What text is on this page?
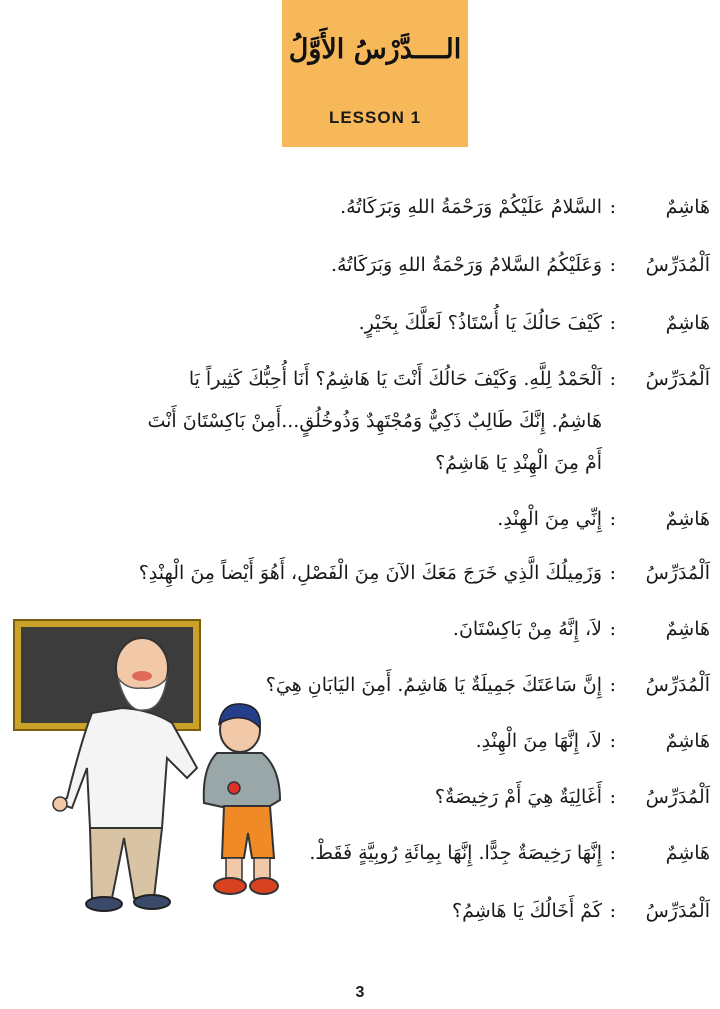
الــــدَّرْسُ الأَوَّلُ
LESSON 1
هَاشِمٌ
:
السَّلامُ عَلَيْكُمْ وَرَحْمَةُ اللهِ وَبَرَكَاتُهُ.
اَلْمُدَرِّسُ
:
وَعَلَيْكُمُ السَّلامُ وَرَحْمَةُ اللهِ وَبَرَكَاتُهُ.
هَاشِمٌ
:
كَيْفَ حَالُكَ يَا أُسْتَاذُ؟ لَعَلَّكَ بِخَيْرٍ.
اَلْمُدَرِّسُ
:
اَلْحَمْدُ لِلَّهِ. وَكَيْفَ حَالُكَ أَنْتَ يَا هَاشِمُ؟ أَنَا أُحِبُّكَ كَثِيراً يَا
هَاشِمُ. إِنَّكَ طَالِبٌ ذَكِيٌّ وَمُجْتَهِدٌ وَذُوخُلُقٍ...أَمِنْ بَاكِسْتَانَ أَنْتَ
أَمْ مِنَ الْهِنْدِ يَا هَاشِمُ؟
هَاشِمٌ
:
إِنِّي مِنَ الْهِنْدِ.
اَلْمُدَرِّسُ
:
وَزَمِيلُكَ الَّذِي خَرَجَ مَعَكَ الآنَ مِنَ الْفَصْلِ، أَهُوَ أَيْضاً مِنَ الْهِنْدِ؟
هَاشِمٌ
:
لاَ، إِنَّهُ مِنْ بَاكِسْتَانَ.
اَلْمُدَرِّسُ
:
إِنَّ سَاعَتَكَ جَمِيلَةٌ يَا هَاشِمُ. أَمِنَ اليَابَانِ هِيَ؟
هَاشِمٌ
:
لاَ، إِنَّهَا مِنَ الْهِنْدِ.
اَلْمُدَرِّسُ
:
أَغَالِيَةٌ هِيَ أَمْ رَخِيصَةٌ؟
هَاشِمٌ
:
إِنَّهَا رَخِيصَةٌ جِدًّا. إِنَّهَا بِمِائَةِ رُوبِيَّةٍ فَقَطْ.
اَلْمُدَرِّسُ
:
كَمْ أَخَالُكَ يَا هَاشِمُ؟
3
